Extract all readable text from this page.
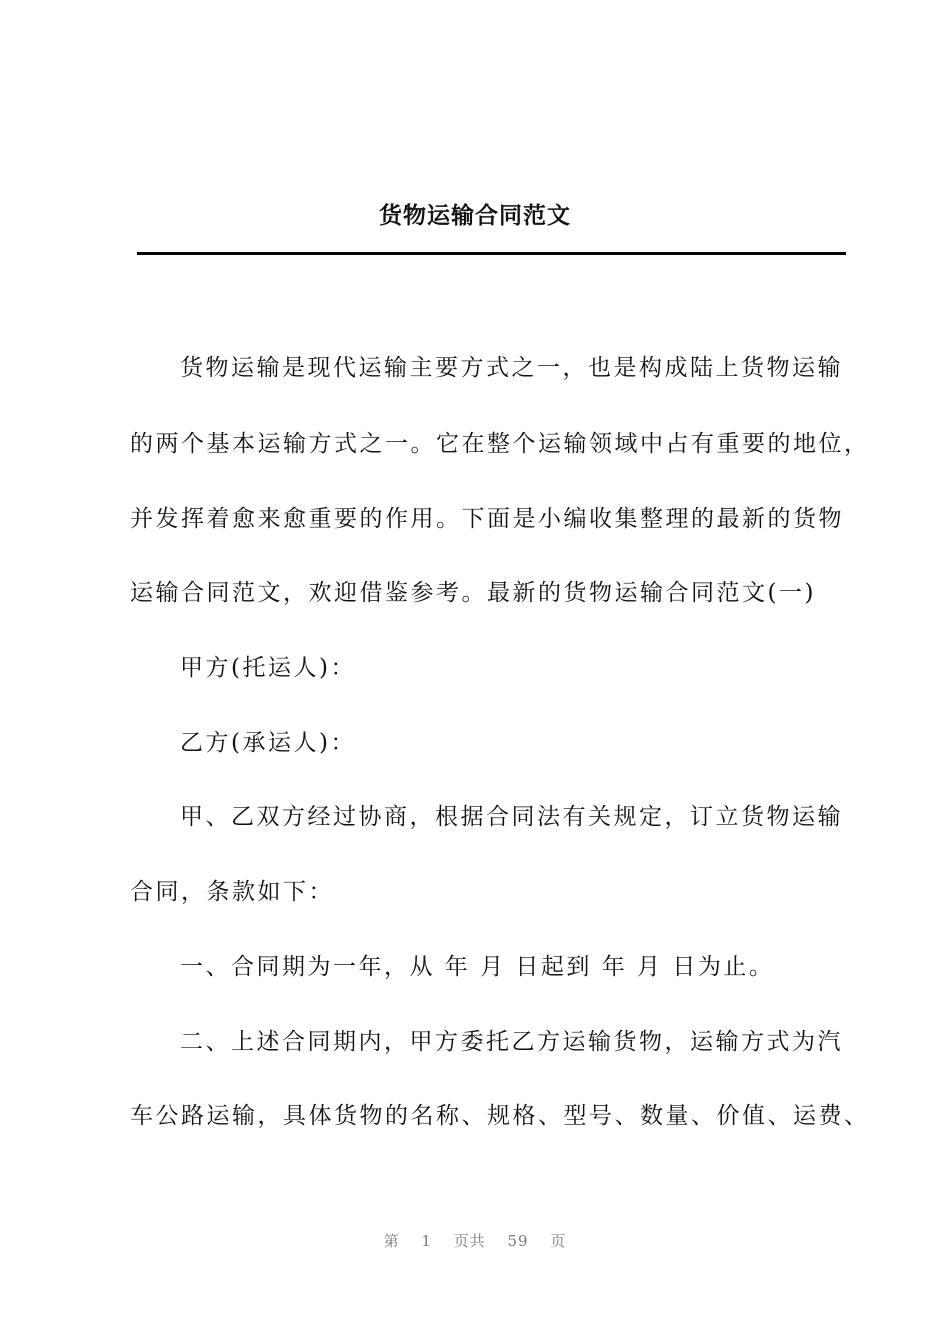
货物运输合同范文

货物运输是现代运输主要方式之一，也是构成陆上货物运输

的两个基本运输方式之一。它在整个运输领域中占有重要的地位，

并发挥着愈来愈重要的作用。下面是小编收集整理的最新的货物

运输合同范文，欢迎借鉴参考。最新的货物运输合同范文(一)

甲方(托运人)：

乙方(承运人)：

甲、乙双方经过协商，根据合同法有关规定，订立货物运输

合同，条款如下：

一、合同期为一年，从 年 月 日起到 年 月 日为止。

二、上述合同期内，甲方委托乙方运输货物，运输方式为汽

车公路运输，具体货物的名称、规格、型号、数量、价值、运费、

第 1 页共 59 页
